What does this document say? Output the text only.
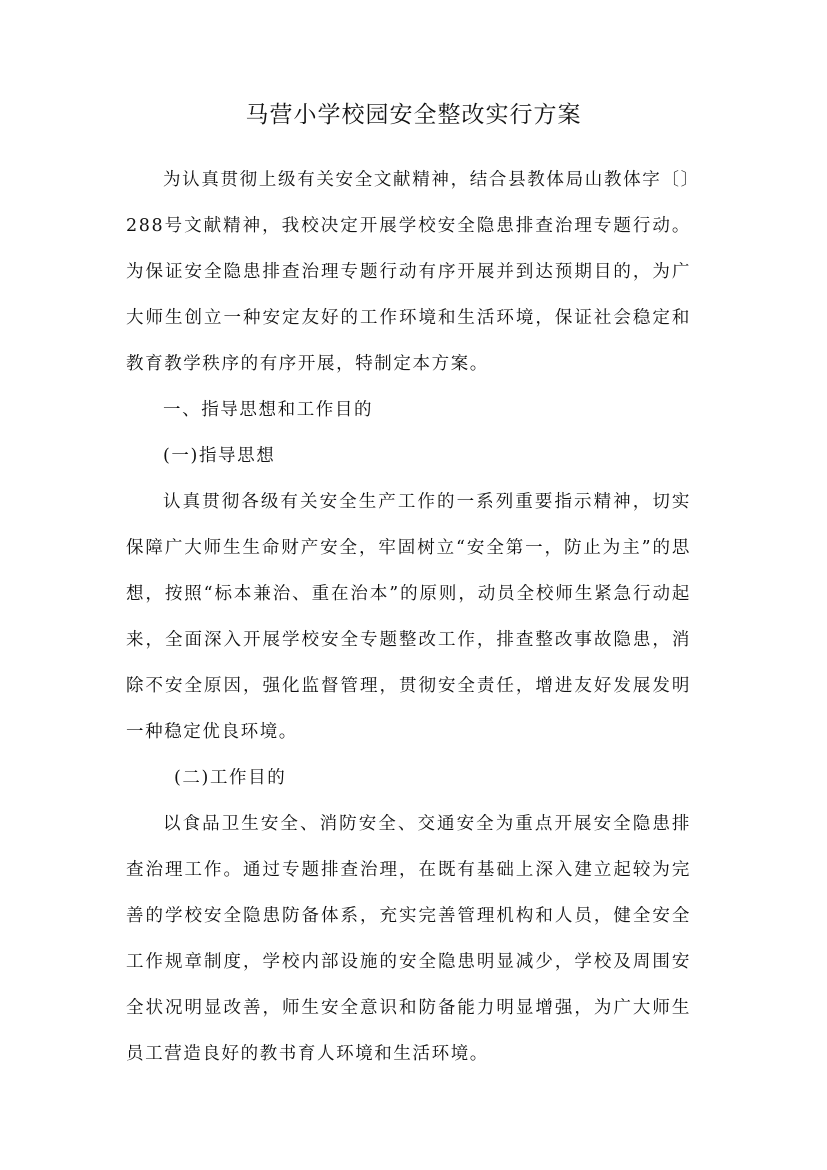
马营小学校园安全整改实行方案

为认真贯彻上级有关安全文献精神，结合县教体局山教体字〔〕288号文献精神，我校决定开展学校安全隐患排查治理专题行动。为保证安全隐患排查治理专题行动有序开展并到达预期目的，为广大师生创立一种安定友好的工作环境和生活环境，保证社会稳定和教育教学秩序的有序开展，特制定本方案。

一、指导思想和工作目的

(一)指导思想

认真贯彻各级有关安全生产工作的一系列重要指示精神，切实保障广大师生生命财产安全，牢固树立“安全第一，防止为主”的思想，按照“标本兼治、重在治本”的原则，动员全校师生紧急行动起来，全面深入开展学校安全专题整改工作，排查整改事故隐患，消除不安全原因，强化监督管理，贯彻安全责任，增进友好发展发明一种稳定优良环境。

(二)工作目的

以食品卫生安全、消防安全、交通安全为重点开展安全隐患排查治理工作。通过专题排查治理，在既有基础上深入建立起较为完善的学校安全隐患防备体系，充实完善管理机构和人员，健全安全工作规章制度，学校内部设施的安全隐患明显减少，学校及周围安全状况明显改善，师生安全意识和防备能力明显增强，为广大师生员工营造良好的教书育人环境和生活环境。
